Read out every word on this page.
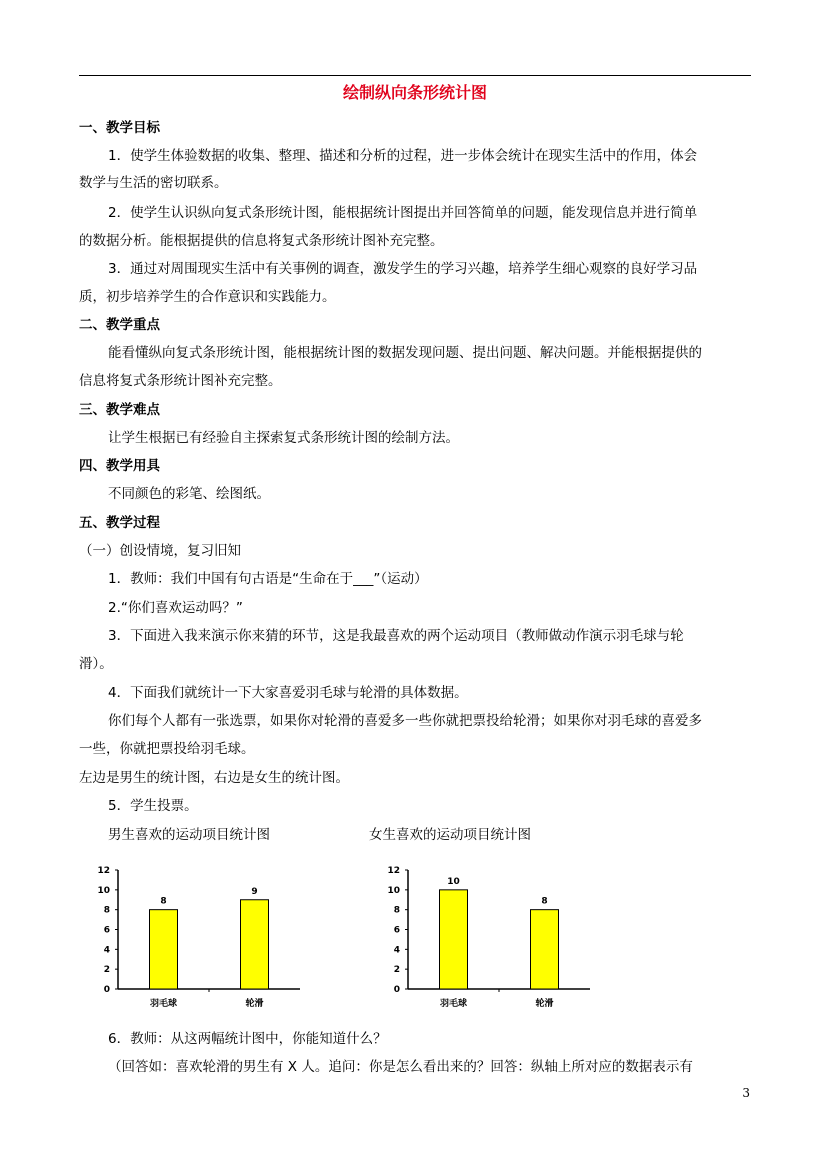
绘制纵向条形统计图
一、教学目标
1．使学生体验数据的收集、整理、描述和分析的过程，进一步体会统计在现实生活中的作用，体会
数学与生活的密切联系。
2．使学生认识纵向复式条形统计图，能根据统计图提出并回答简单的问题，能发现信息并进行简单
的数据分析。能根据提供的信息将复式条形统计图补充完整。
3．通过对周围现实生活中有关事例的调查，激发学生的学习兴趣，培养学生细心观察的良好学习品
质，初步培养学生的合作意识和实践能力。
二、教学重点
能看懂纵向复式条形统计图，能根据统计图的数据发现问题、提出问题、解决问题。并能根据提供的
信息将复式条形统计图补充完整。
三、教学难点
让学生根据已有经验自主探索复式条形统计图的绘制方法。
四、教学用具
不同颜色的彩笔、绘图纸。
五、教学过程
（一）创设情境，复习旧知
1．教师：我们中国有句古语是“生命在于___”（运动）
2.“你们喜欢运动吗？”
3．下面进入我来演示你来猜的环节，这是我最喜欢的两个运动项目（教师做动作演示羽毛球与轮
滑）。
4．下面我们就统计一下大家喜爱羽毛球与轮滑的具体数据。
你们每个人都有一张选票，如果你对轮滑的喜爱多一些你就把票投给轮滑；如果你对羽毛球的喜爱多
一些，你就把票投给羽毛球。
左边是男生的统计图，右边是女生的统计图。
5．学生投票。
男生喜欢的运动项目统计图	女生喜欢的运动项目统计图
0
2
4
6
8
10
12
8
羽毛球
9
轮滑
0
2
4
6
8
10
12
10
羽毛球
8
轮滑
6．教师：从这两幅统计图中，你能知道什么？
（回答如：喜欢轮滑的男生有 X 人。追问：你是怎么看出来的？回答：纵轴上所对应的数据表示有
3
